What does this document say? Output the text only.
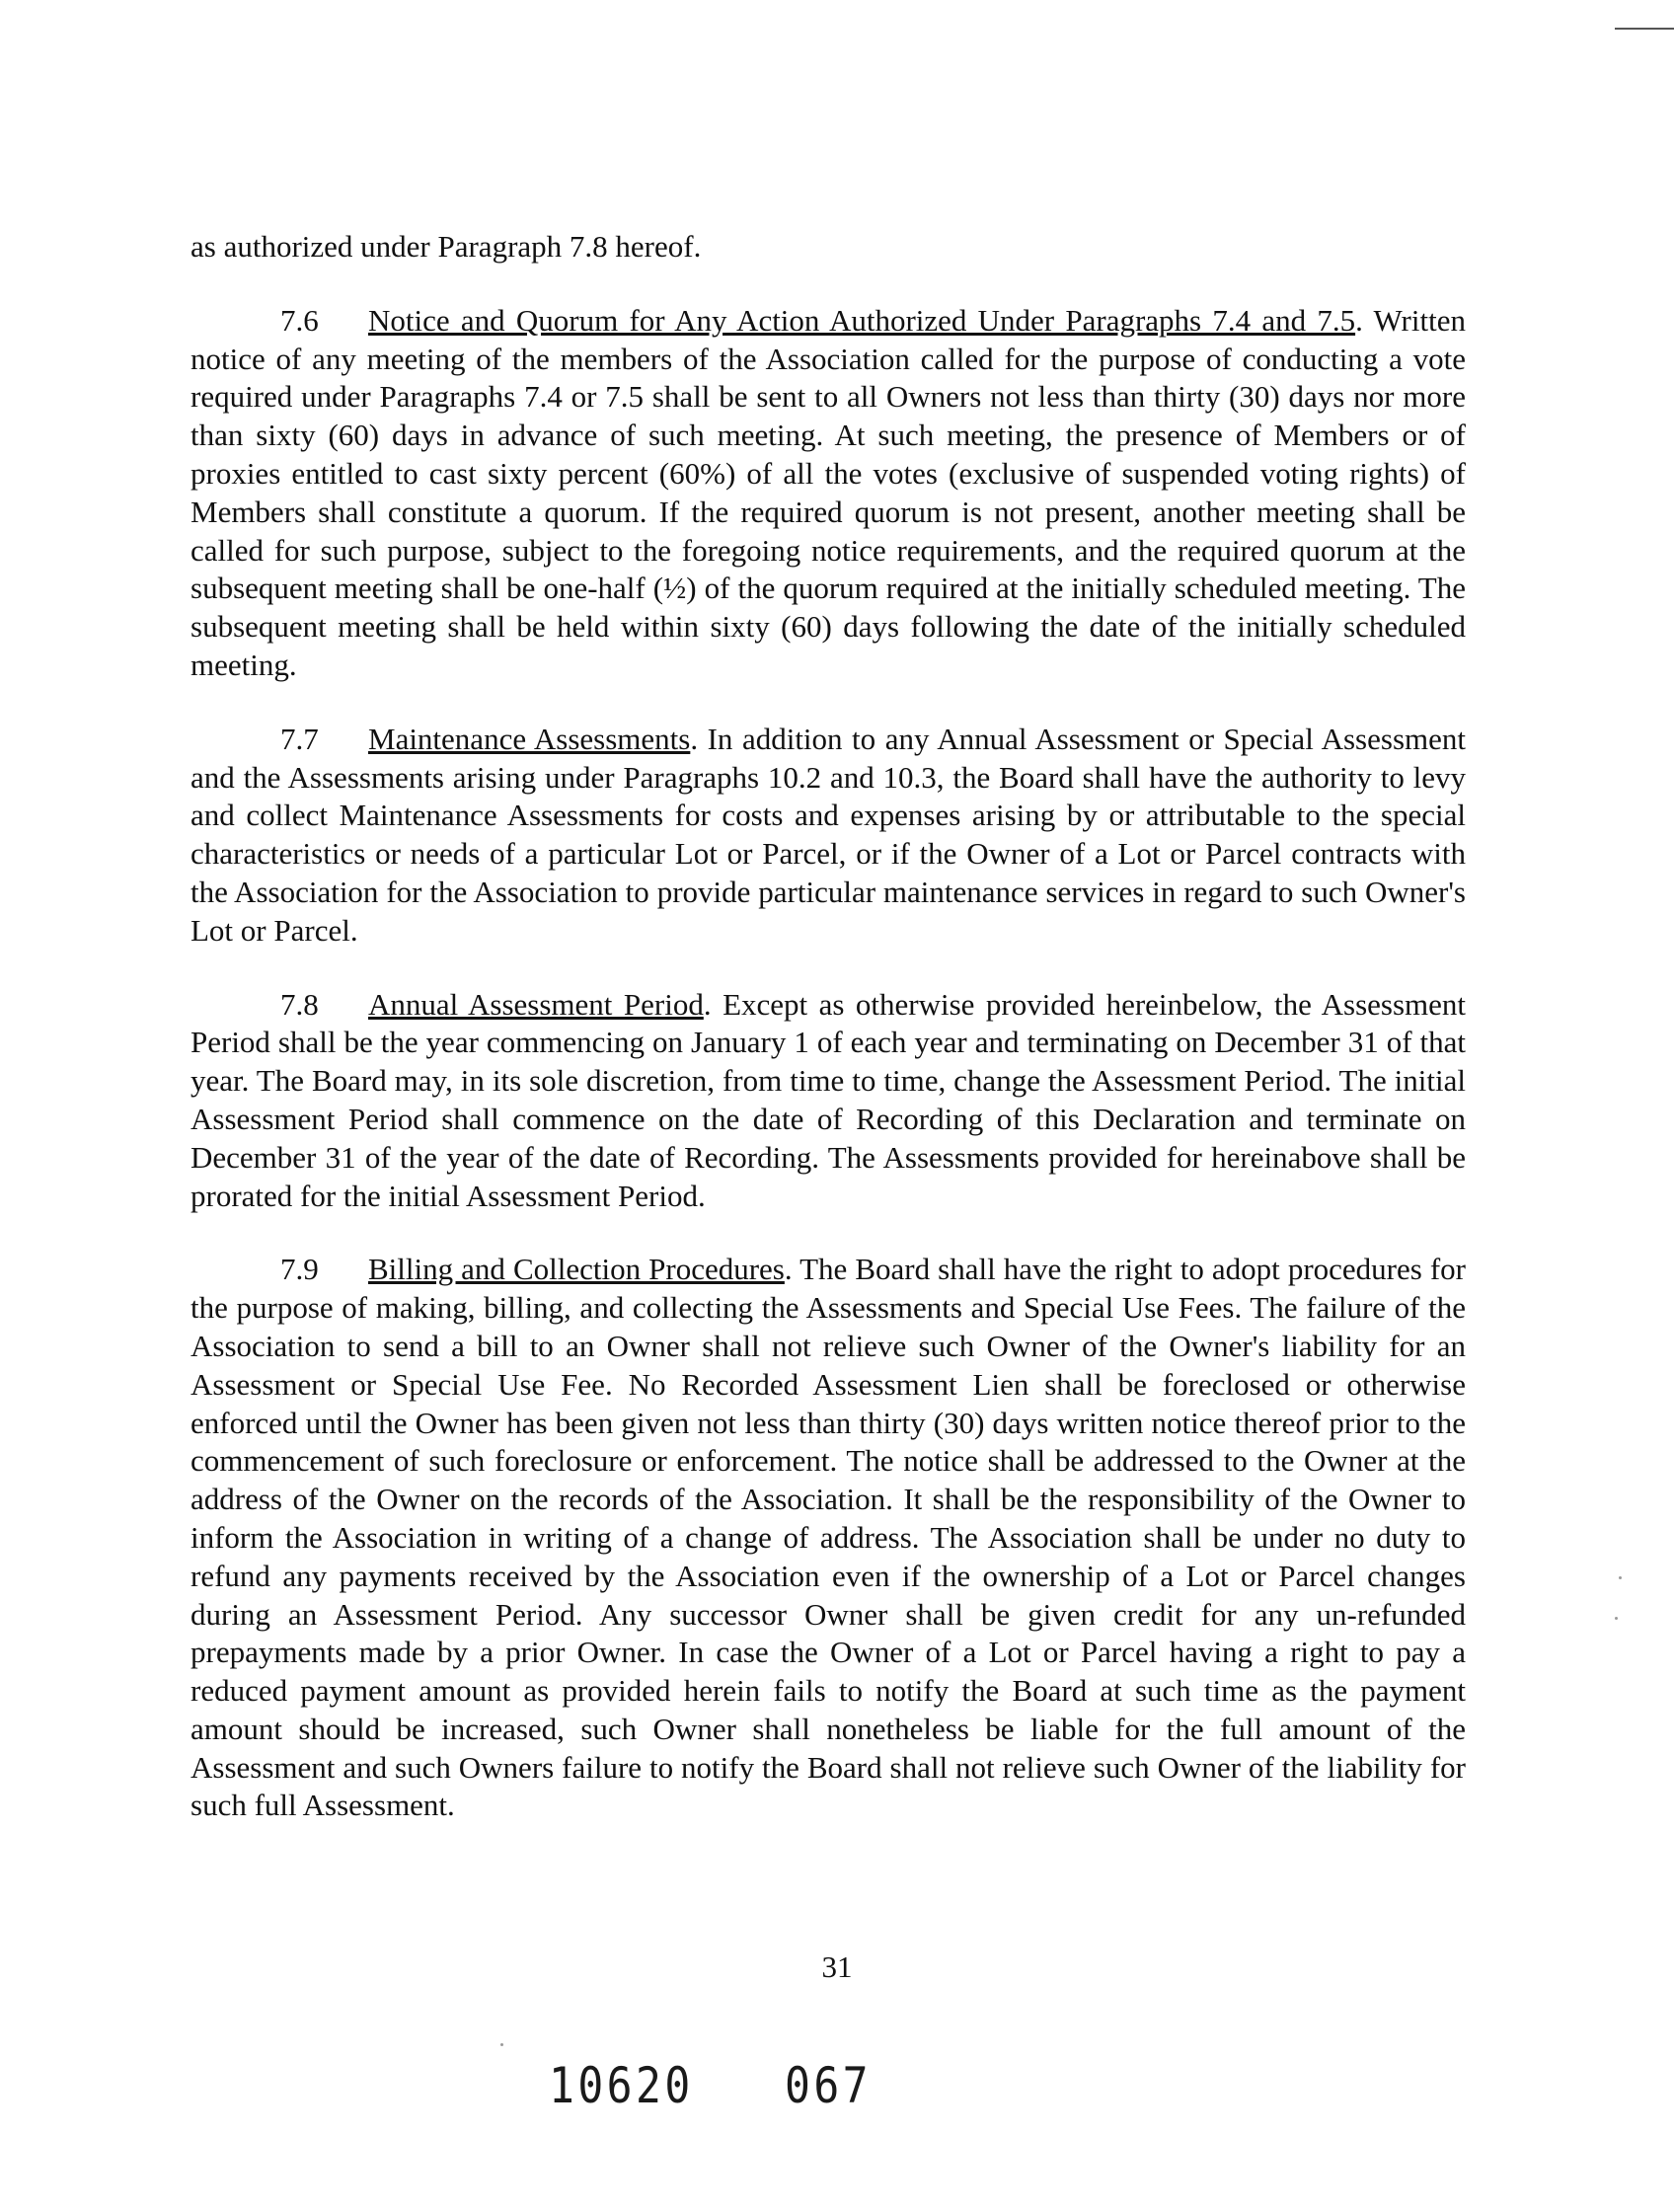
as authorized under Paragraph 7.8 hereof.

7.6 Notice and Quorum for Any Action Authorized Under Paragraphs 7.4 and 7.5. Written notice of any meeting of the members of the Association called for the purpose of conducting a vote required under Paragraphs 7.4 or 7.5 shall be sent to all Owners not less than thirty (30) days nor more than sixty (60) days in advance of such meeting. At such meeting, the presence of Members or of proxies entitled to cast sixty percent (60%) of all the votes (exclusive of suspended voting rights) of Members shall constitute a quorum. If the required quorum is not present, another meeting shall be called for such purpose, subject to the foregoing notice requirements, and the required quorum at the subsequent meeting shall be one-half (½) of the quorum required at the initially scheduled meeting. The subsequent meeting shall be held within sixty (60) days following the date of the initially scheduled meeting.

7.7 Maintenance Assessments. In addition to any Annual Assessment or Special Assessment and the Assessments arising under Paragraphs 10.2 and 10.3, the Board shall have the authority to levy and collect Maintenance Assessments for costs and expenses arising by or attributable to the special characteristics or needs of a particular Lot or Parcel, or if the Owner of a Lot or Parcel contracts with the Association for the Association to provide particular maintenance services in regard to such Owner's Lot or Parcel.

7.8 Annual Assessment Period. Except as otherwise provided hereinbelow, the Assessment Period shall be the year commencing on January 1 of each year and terminating on December 31 of that year. The Board may, in its sole discretion, from time to time, change the Assessment Period. The initial Assessment Period shall commence on the date of Recording of this Declaration and terminate on December 31 of the year of the date of Recording. The Assessments provided for hereinabove shall be prorated for the initial Assessment Period.

7.9 Billing and Collection Procedures. The Board shall have the right to adopt procedures for the purpose of making, billing, and collecting the Assessments and Special Use Fees. The failure of the Association to send a bill to an Owner shall not relieve such Owner of the Owner's liability for an Assessment or Special Use Fee. No Recorded Assessment Lien shall be foreclosed or otherwise enforced until the Owner has been given not less than thirty (30) days written notice thereof prior to the commencement of such foreclosure or enforcement. The notice shall be addressed to the Owner at the address of the Owner on the records of the Association. It shall be the responsibility of the Owner to inform the Association in writing of a change of address. The Association shall be under no duty to refund any payments received by the Association even if the ownership of a Lot or Parcel changes during an Assessment Period. Any successor Owner shall be given credit for any un-refunded prepayments made by a prior Owner. In case the Owner of a Lot or Parcel having a right to pay a reduced payment amount as provided herein fails to notify the Board at such time as the payment amount should be increased, such Owner shall nonetheless be liable for the full amount of the Assessment and such Owners failure to notify the Board shall not relieve such Owner of the liability for such full Assessment.

31
10620 067
